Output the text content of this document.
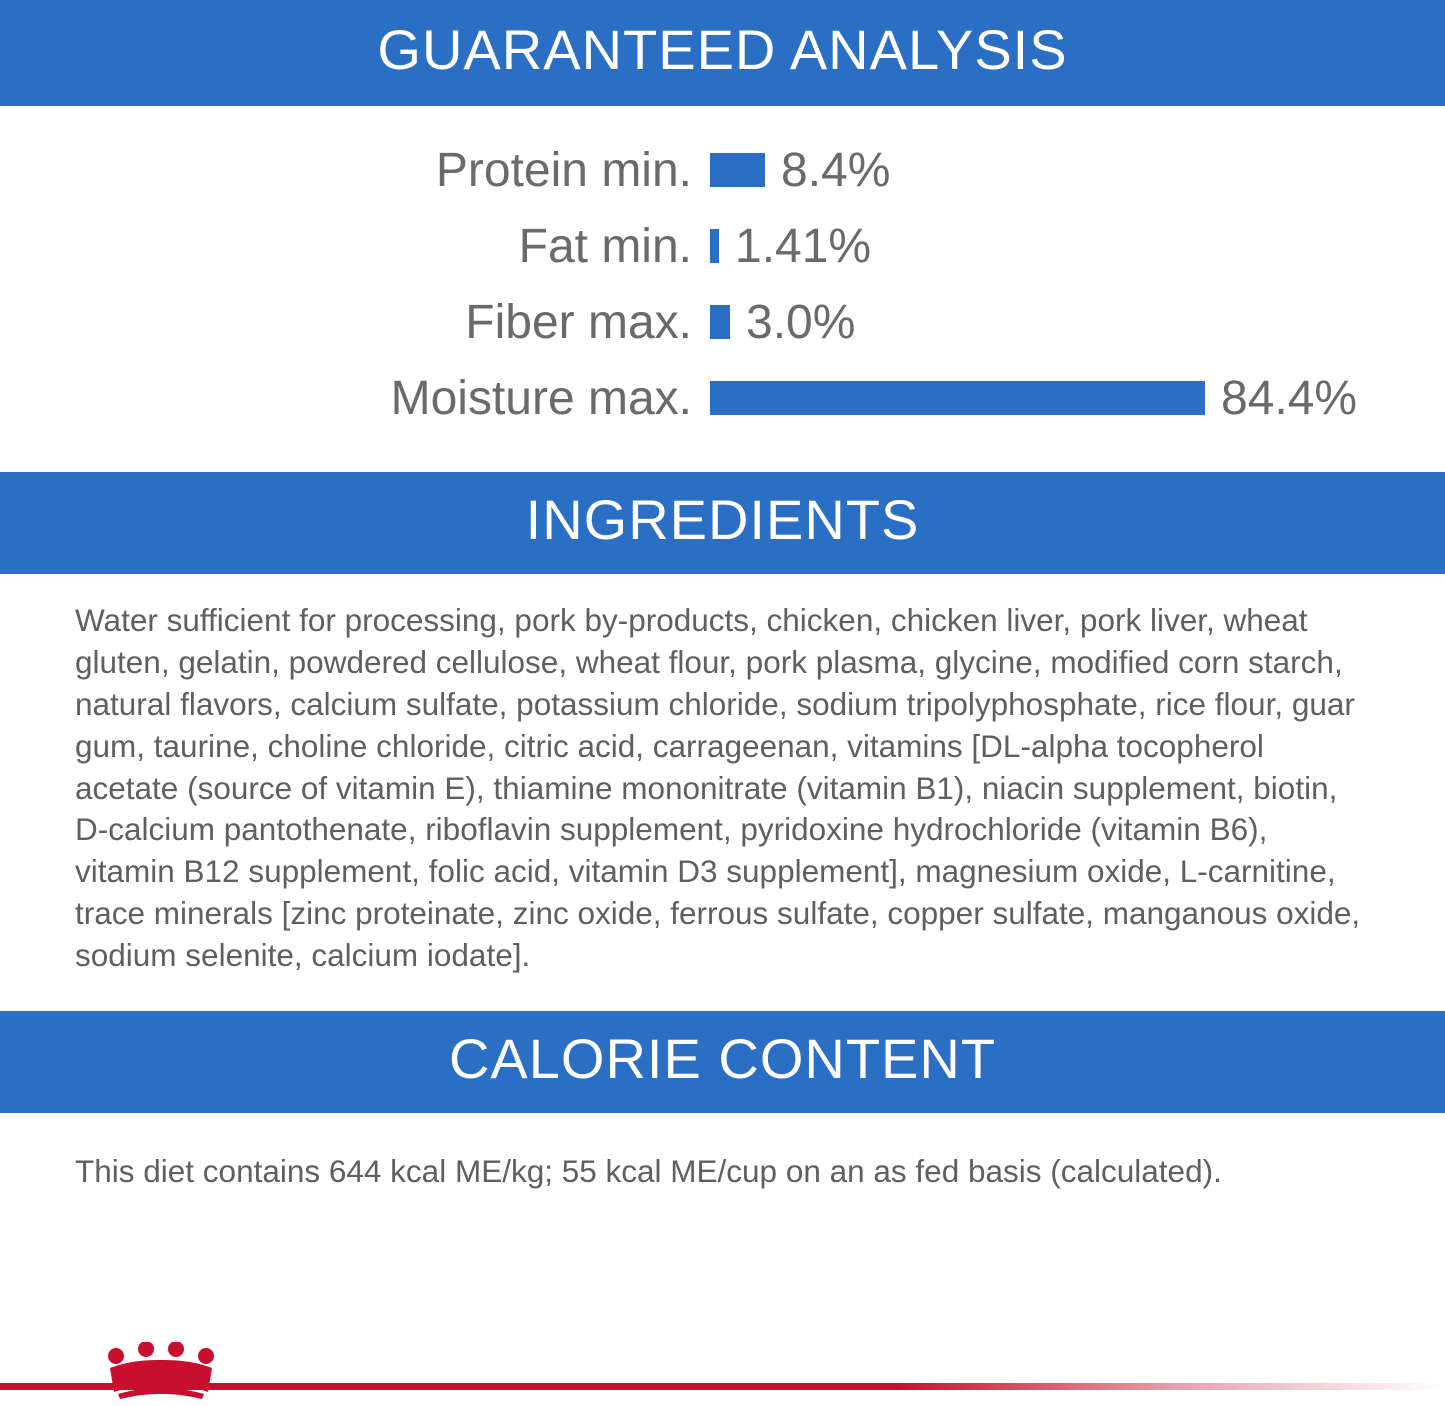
GUARANTEED ANALYSIS
Protein min.	8.4%
Fat min. 1.41%
Fiber max.	3.0%
Moisture max.	84.4%
INGREDIENTS
Water sufficient for processing, pork by-products, chicken, chicken liver, pork liver, wheat gluten, gelatin, powdered cellulose, wheat flour, pork plasma, glycine, modified corn starch, natural flavors, calcium sulfate, potassium chloride, sodium tripolyphosphate, rice flour, guar gum, taurine, choline chloride, citric acid, carrageenan, vitamins [DL-alpha tocopherol acetate (source of vitamin E), thiamine mononitrate (vitamin B1), niacin supplement, biotin, D-calcium pantothenate, riboflavin supplement, pyridoxine hydrochloride (vitamin B6), vitamin B12 supplement, folic acid, vitamin D3 supplement], magnesium oxide, L-carnitine, trace minerals [zinc proteinate, zinc oxide, ferrous sulfate, copper sulfate, manganous oxide, sodium selenite, calcium iodate].
CALORIE CONTENT
This diet contains 644 kcal ME/kg; 55 kcal ME/cup on an as fed basis (calculated).
